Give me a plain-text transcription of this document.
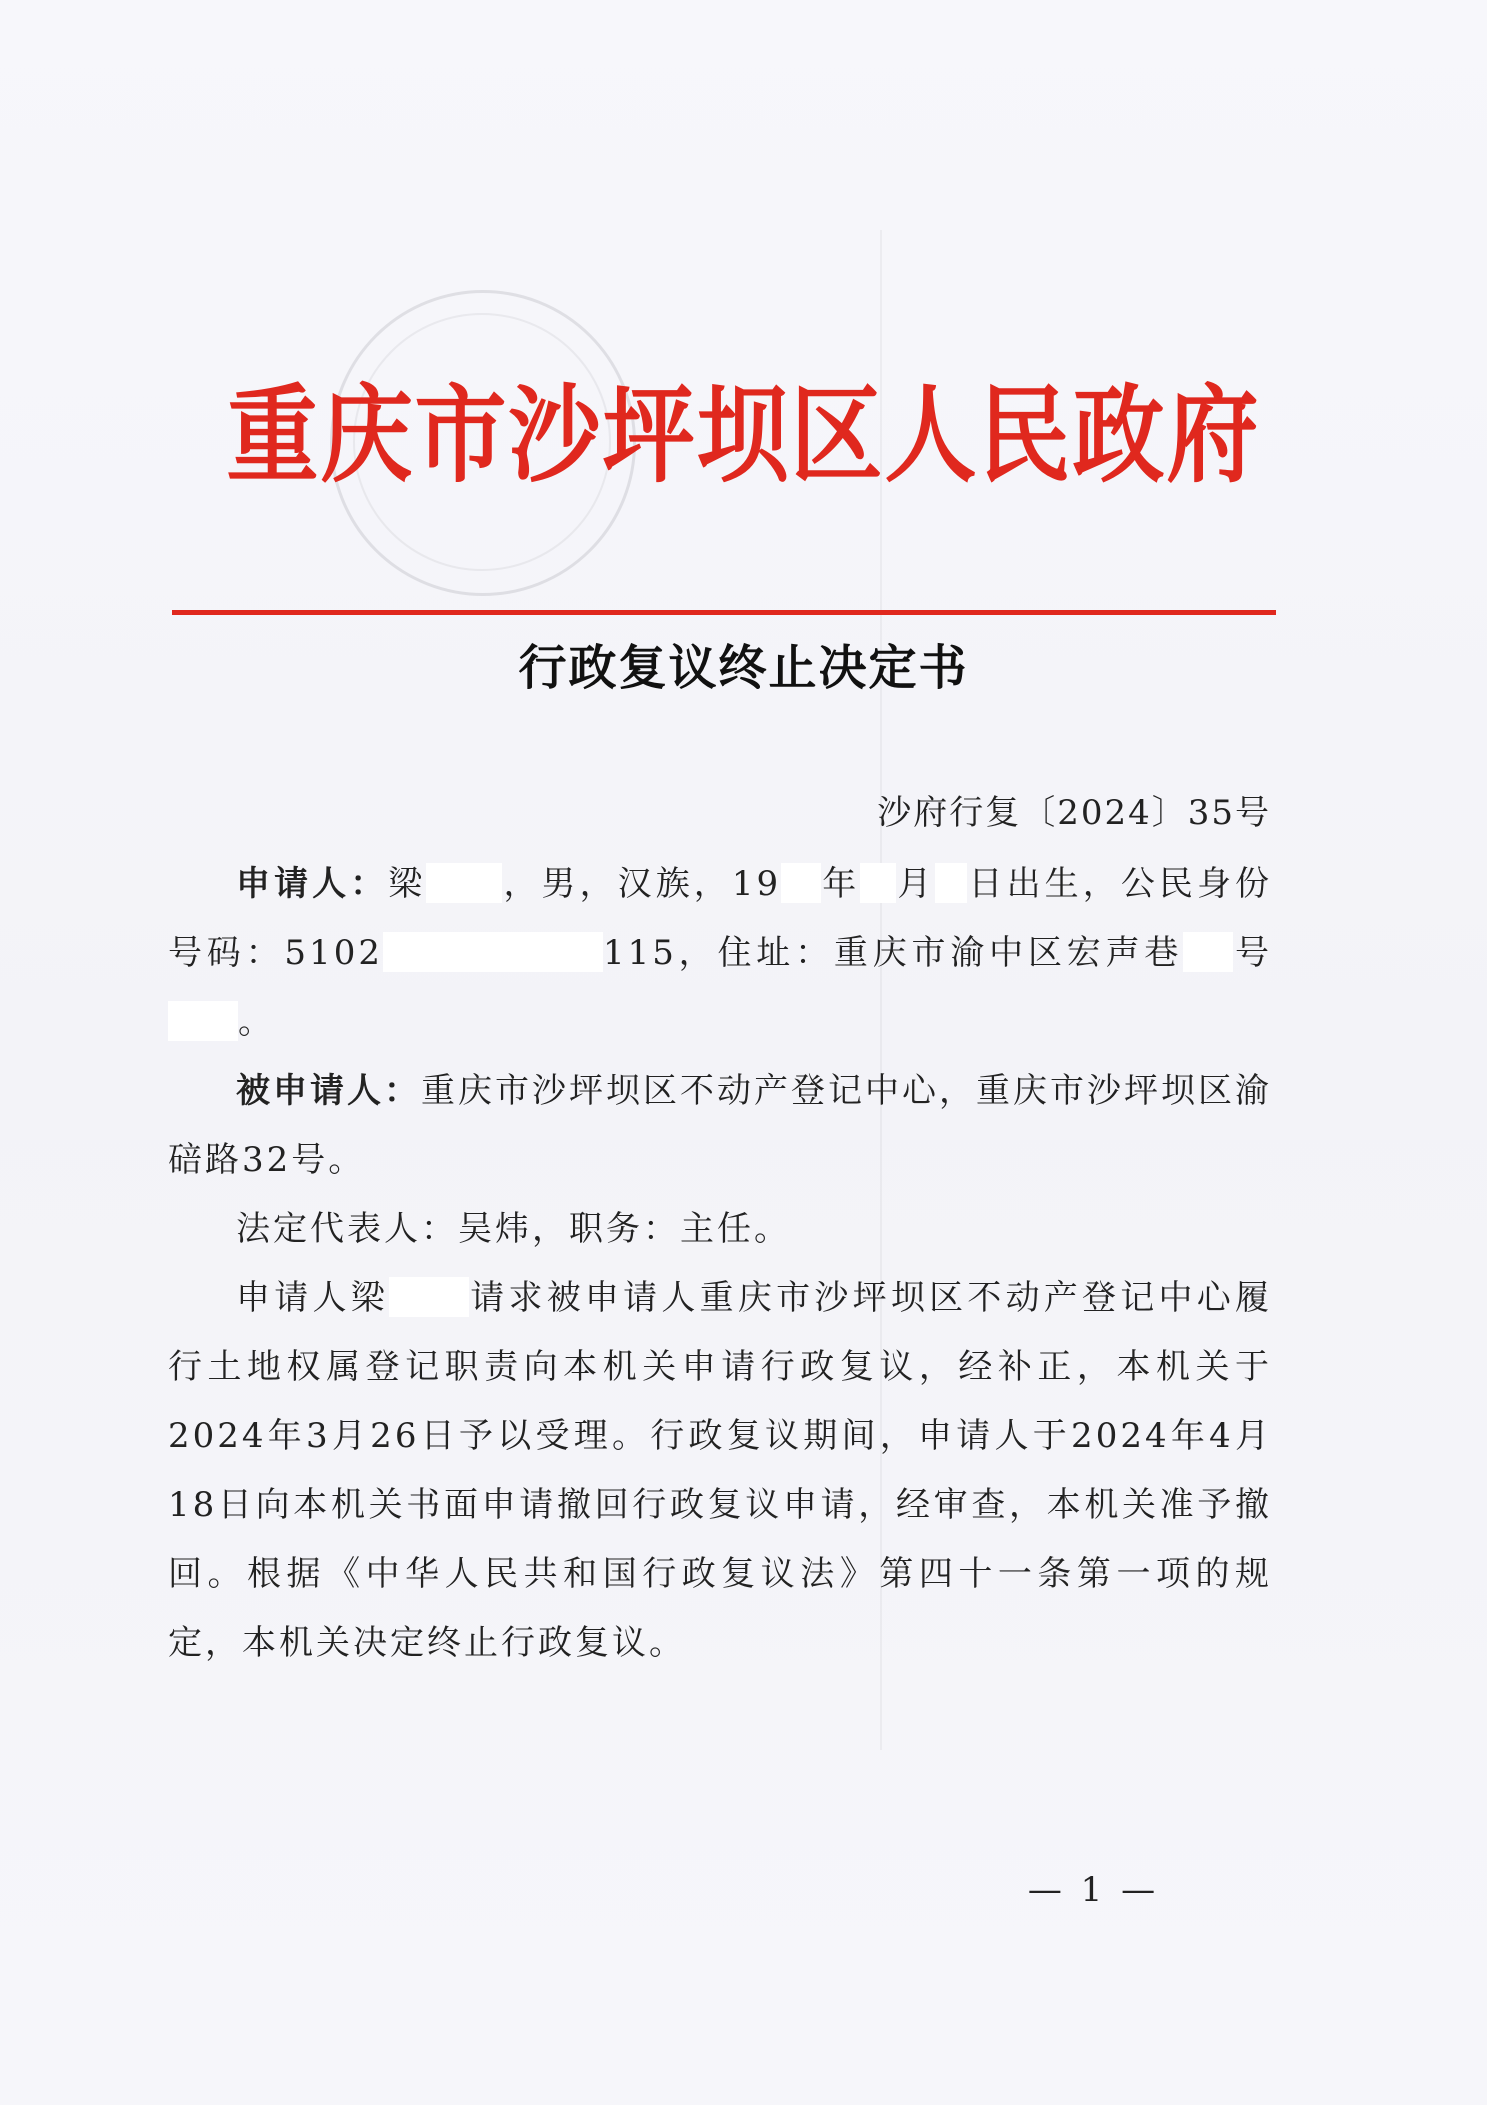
重庆市沙坪坝区人民政府
行政复议终止决定书
沙府行复〔2024〕35号

申请人：梁 ，男，汉族，19 年 月 日出生，公民身份号码：5102	115，住址：重庆市渝中区宏声巷 号。

被申请人：重庆市沙坪坝区不动产登记中心，重庆市沙坪坝区渝碚路32号。

法定代表人：吴炜，职务：主任。

申请人梁 请求被申请人重庆市沙坪坝区不动产登记中心履行土地权属登记职责向本机关申请行政复议，经补正，本机关于2024年3月26日予以受理。行政复议期间，申请人于2024年4月18日向本机关书面申请撤回行政复议申请，经审查，本机关准予撤回。根据《中华人民共和国行政复议法》第四十一条第一项的规定，本机关决定终止行政复议。

— 1 —
